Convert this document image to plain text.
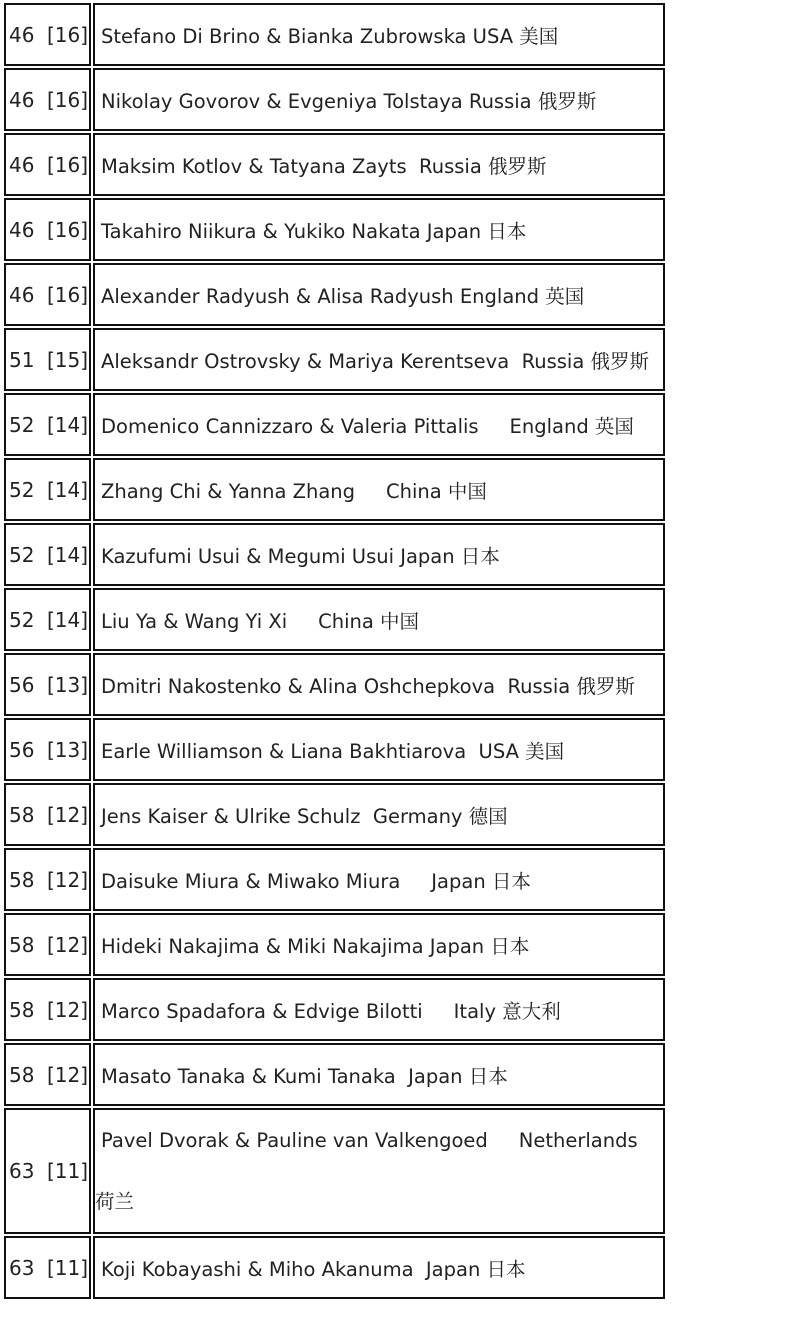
46 [16]	Stefano Di Brino & Bianka Zubrowska USA 美国
46 [16]	Nikolay Govorov & Evgeniya Tolstaya Russia 俄罗斯
46 [16]	Maksim Kotlov & Tatyana Zayts  Russia 俄罗斯
46 [16]	Takahiro Niikura & Yukiko Nakata Japan 日本
46 [16]	Alexander Radyush & Alisa Radyush England 英国
51 [15]	Aleksandr Ostrovsky & Mariya Kerentseva  Russia 俄罗斯
52 [14]	Domenico Cannizzaro & Valeria Pittalis     England 英国
52 [14]	Zhang Chi & Yanna Zhang     China 中国
52 [14]	Kazufumi Usui & Megumi Usui Japan 日本
52 [14]	Liu Ya & Wang Yi Xi     China 中国
56 [13]	Dmitri Nakostenko & Alina Oshchepkova  Russia 俄罗斯
56 [13]	Earle Williamson & Liana Bakhtiarova  USA 美国
58 [12]	Jens Kaiser & Ulrike Schulz  Germany 德国
58 [12]	Daisuke Miura & Miwako Miura     Japan 日本
58 [12]	Hideki Nakajima & Miki Nakajima Japan 日本
58 [12]	Marco Spadafora & Edvige Bilotti     Italy 意大利
58 [12]	Masato Tanaka & Kumi Tanaka  Japan 日本
63 [11]	Pavel Dvorak & Pauline van Valkengoed     Netherlands 荷兰
63 [11]	Koji Kobayashi & Miho Akanuma  Japan 日本
